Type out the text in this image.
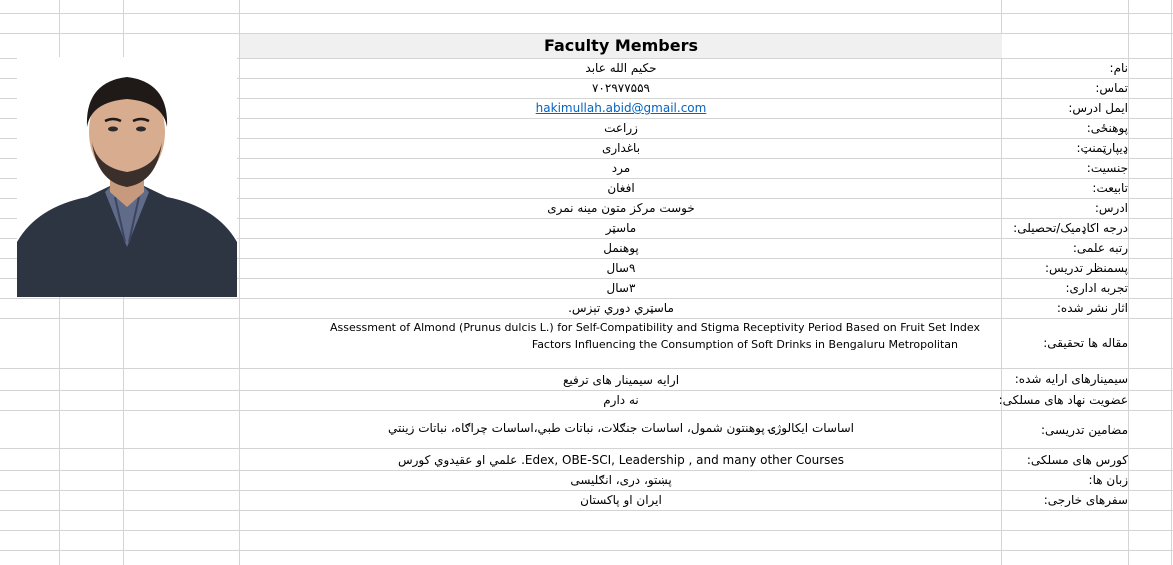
Faculty Members
نام:
تماس:
ایمل ادرس:
پوهنځی:
ډیپارټمنټ:
جنسیت:
تابیعت:
ادرس:
درجه اکاډمیک/تحصیلی:
رتبه علمی:
پسمنظر تدریس:
تجربه اداری:
اثار نشر شده:
مقاله ها تحقیقی:
سیمینارهای ارایه شده:
عضویت نهاد های مسلکی:
مضامین تدریسی:
کورس های مسلکی:
زبان ها:
سفرهای خارجی:
حکیم الله عابد
۷۰۲۹۷۷۵۵۹
hakimullah.abid@gmail.com
زراعت
باغداری
مرد
افغان
خوست مرکز متون مینه نمری
ماسټر
پوهنمل
۹سال
۳سال
ماسټري دوري تېزس.
Assessment of Almond (Prunus dulcis L.) for Self-Compatibility and Stigma Receptivity Period Based on Fruit Set Index
Factors Influencing the Consumption of Soft Drinks in Bengaluru Metropolitan
ارایه سیمینار های ترفیع
نه دارم
اساسات ایکالوژۍ پوهنتون شمول، اساسات جنګلات، نباتات طبي،اساسات چراګاه، نباتات زینتي
Edex, OBE-SCI, Leadership , and many other Courses. علمي او عقیدوي کورس
پښتو، دری، انګلیسی
ایران او پاکستان
